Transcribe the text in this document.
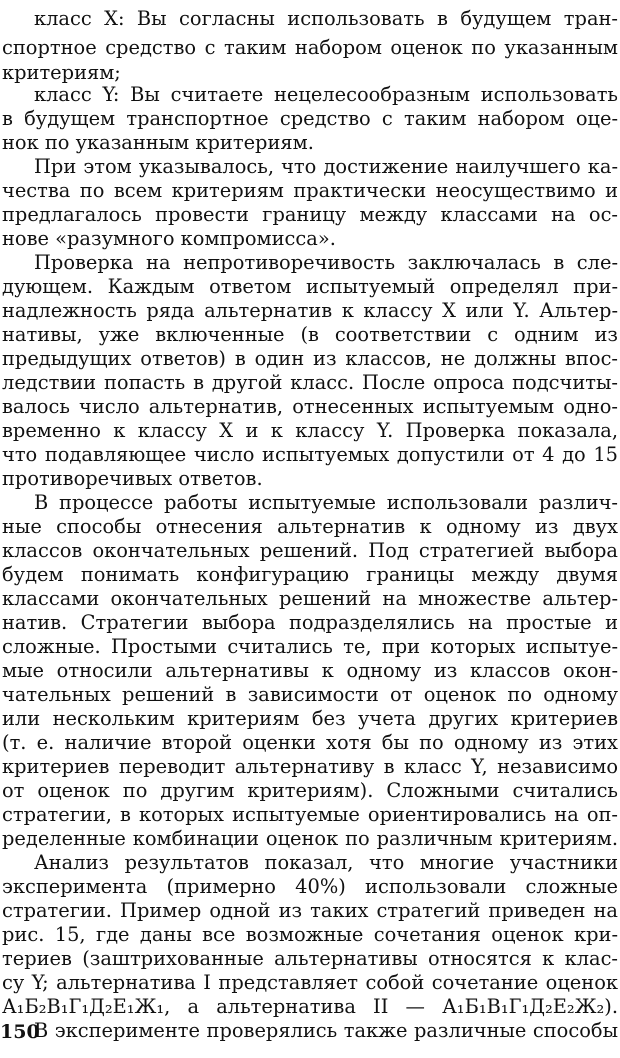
класс X: Вы согласны использовать в будущем тран-

спортное средство с таким набором оценок по указанным

критериям;

класс Y: Вы считаете нецелесообразным использовать

в будущем транспортное средство с таким набором оце-

нок по указанным критериям.

При этом указывалось, что достижение наилучшего ка-

чества по всем критериям практически неосуществимо и

предлагалось провести границу между классами на ос-

нове «разумного компромисса».

Проверка на непротиворечивость заключалась в сле-

дующем. Каждым ответом испытуемый определял при-

надлежность ряда альтернатив к классу X или Y. Альтер-

нативы, уже включенные (в соответствии с одним из

предыдущих ответов) в один из классов, не должны впос-

ледствии попасть в другой класс. После опроса подсчиты-

валось число альтернатив, отнесенных испытуемым одно-

временно к классу X и к классу Y. Проверка показала,

что подавляющее число испытуемых допустили от 4 до 15

противоречивых ответов.

В процессе работы испытуемые использовали различ-

ные способы отнесения альтернатив к одному из двух

классов окончательных решений. Под стратегией выбора

будем понимать конфигурацию границы между двумя

классами окончательных решений на множестве альтер-

натив. Стратегии выбора подразделялись на простые и

сложные. Простыми считались те, при которых испытуе-

мые относили альтернативы к одному из классов окон-

чательных решений в зависимости от оценок по одному

или нескольким критериям без учета других критериев

(т. е. наличие второй оценки хотя бы по одному из этих

критериев переводит альтернативу в класс Y, независимо

от оценок по другим критериям). Сложными считались

стратегии, в которых испытуемые ориентировались на оп-

ределенные комбинации оценок по различным критериям.

Анализ результатов показал, что многие участники

эксперимента (примерно 40%) использовали сложные

стратегии. Пример одной из таких стратегий приведен на

рис. 15, где даны все возможные сочетания оценок кри-

териев (заштрихованные альтернативы относятся к клас-

су Y; альтернатива I представляет собой сочетание оценок

А₁Б₂В₁Г₁Д₂Е₁Ж₁, а альтернатива II — А₁Б₁В₁Г₁Д₂Е₂Ж₂).

В эксперименте проверялись также различные способы

150
